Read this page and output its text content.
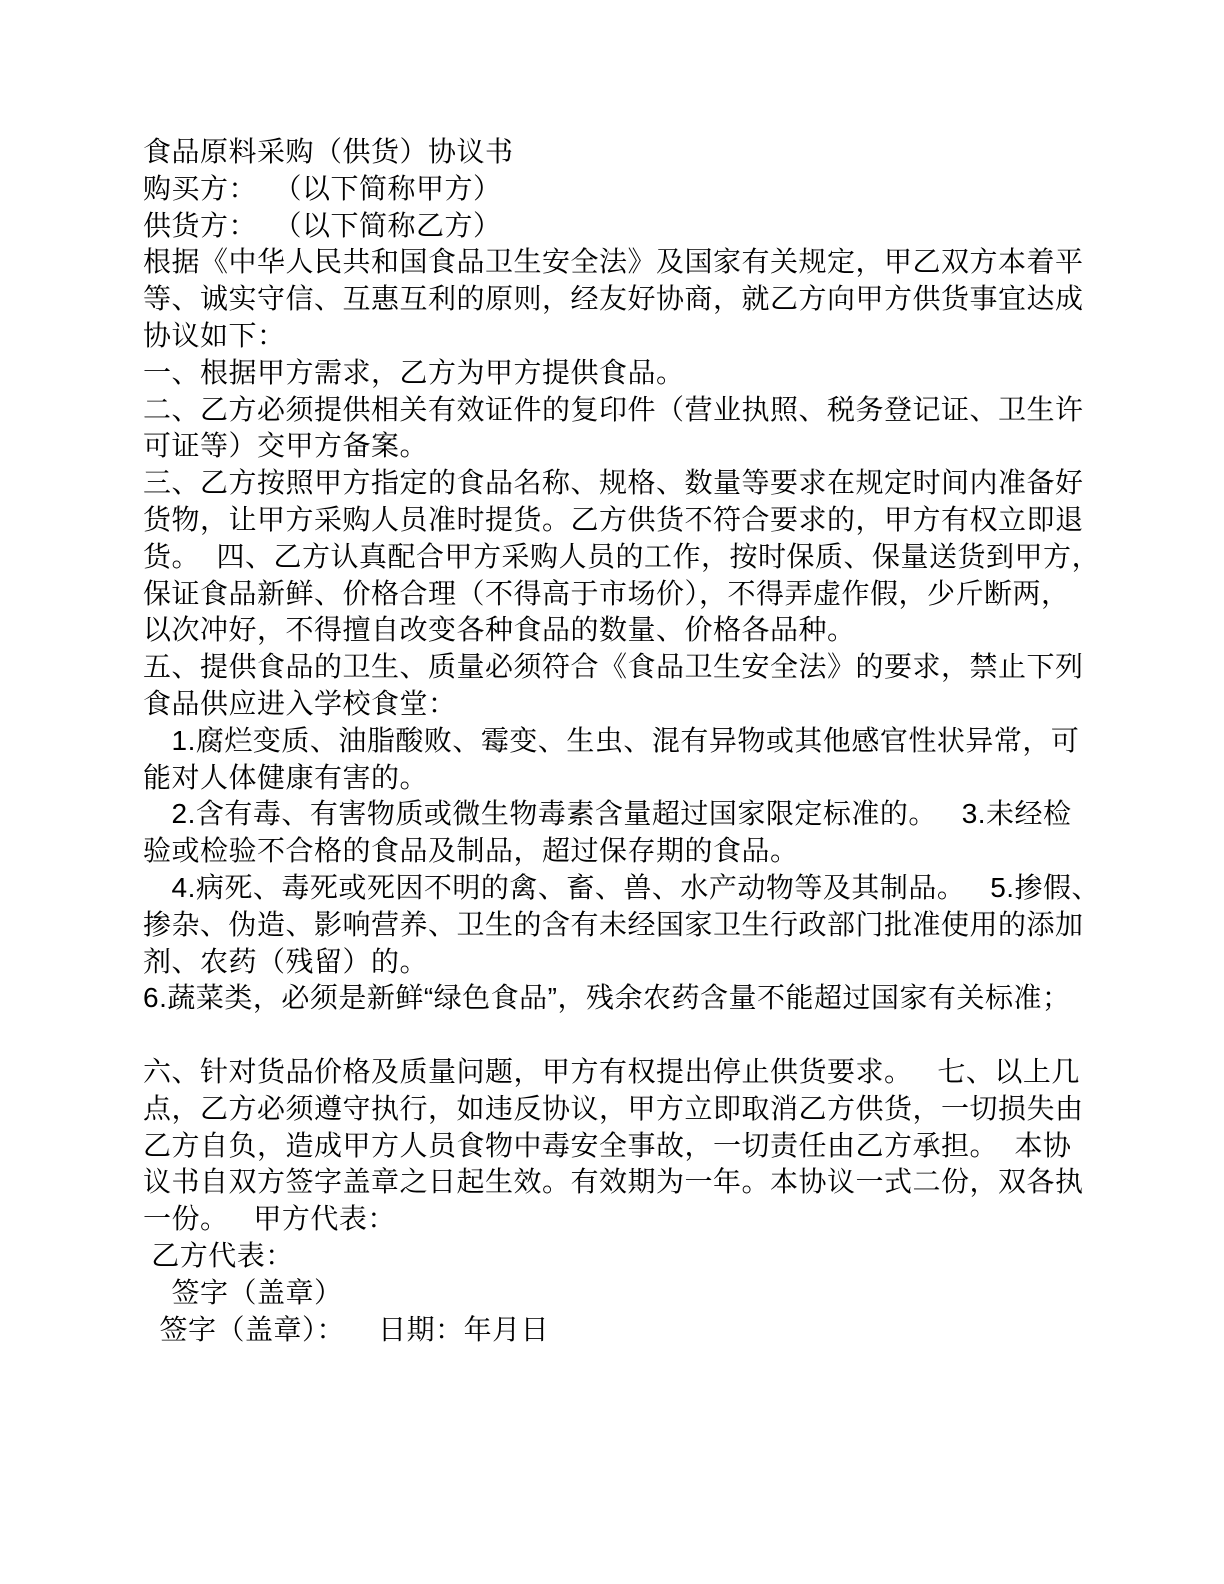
食品原料采购（供货）协议书
购买方：  （以下简称甲方）
供货方：  （以下简称乙方）
根据《中华人民共和国食品卫生安全法》及国家有关规定，甲乙双方本着平
等、诚实守信、互惠互利的原则，经友好协商，就乙方向甲方供货事宜达成
协议如下：
一、根据甲方需求，乙方为甲方提供食品。
二、乙方必须提供相关有效证件的复印件（营业执照、税务登记证、卫生许
可证等）交甲方备案。
三、乙方按照甲方指定的食品名称、规格、数量等要求在规定时间内准备好
货物，让甲方采购人员准时提货。乙方供货不符合要求的，甲方有权立即退
货。  四、乙方认真配合甲方采购人员的工作，按时保质、保量送货到甲方，
保证食品新鲜、价格合理（不得高于市场价），不得弄虚作假，少斤断两，
以次冲好，不得擅自改变各种食品的数量、价格各品种。
五、提供食品的卫生、质量必须符合《食品卫生安全法》的要求，禁止下列
食品供应进入学校食堂：
　1.腐烂变质、油脂酸败、霉变、生虫、混有异物或其他感官性状异常，可
能对人体健康有害的。
　2.含有毒、有害物质或微生物毒素含量超过国家限定标准的。   3.未经检
验或检验不合格的食品及制品，超过保存期的食品。
　4.病死、毒死或死因不明的禽、畜、兽、水产动物等及其制品。   5.掺假、
掺杂、伪造、影响营养、卫生的含有未经国家卫生行政部门批准使用的添加
剂、农药（残留）的。
6.蔬菜类，必须是新鲜“绿色食品”，残余农药含量不能超过国家有关标准；
六、针对货品价格及质量问题，甲方有权提出停止供货要求。   七、以上几
点，乙方必须遵守执行，如违反协议，甲方立即取消乙方供货，一切损失由
乙方自负，造成甲方人员食物中毒安全事故，一切责任由乙方承担。  本协
议书自双方签字盖章之日起生效。有效期为一年。本协议一式二份，双各执
一份。   甲方代表：
乙方代表：
　签字（盖章）
签字（盖章）：    日期：年月日
